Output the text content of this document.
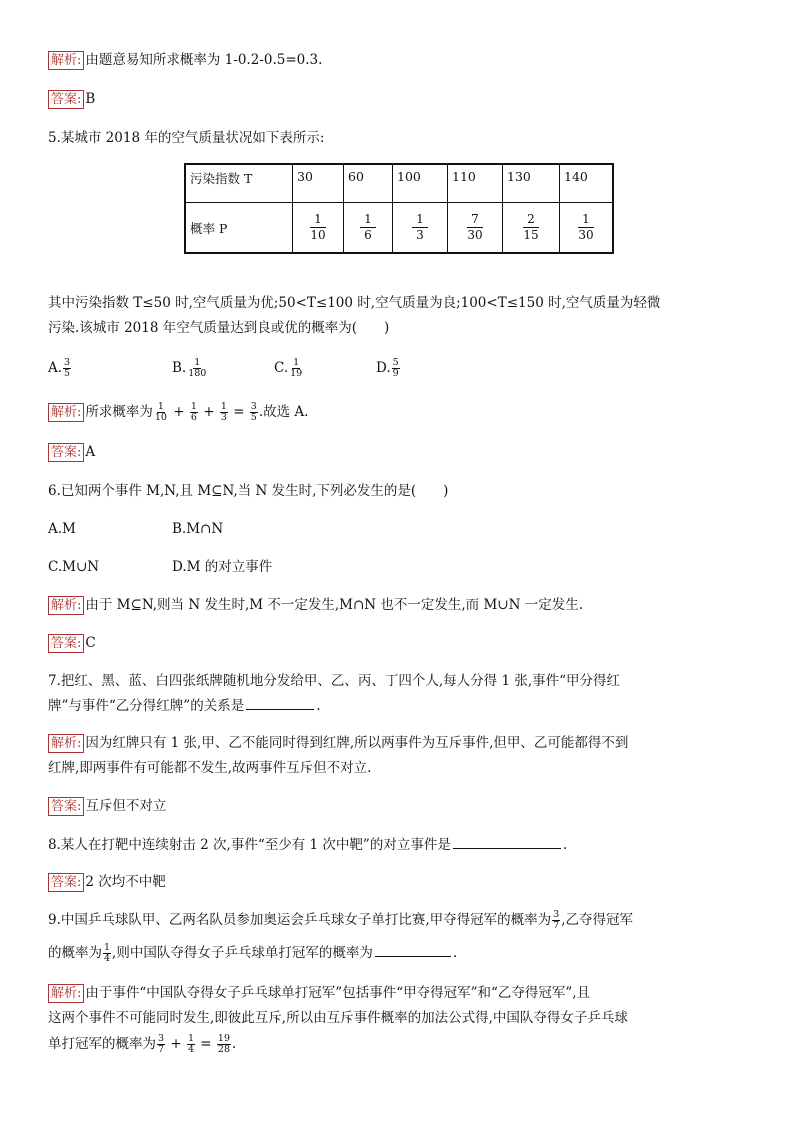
解析: 由题意易知所求概率为 1-0.2-0.5=0.3.
答案: B
5.某城市 2018 年的空气质量状况如下表所示:
污染指数 T	30	60	100	110	130	140
概率 P	$\frac{1}{10}$	$\frac{1}{6}$	$\frac{1}{3}$	$\frac{7}{30}$	$\frac{2}{15}$	$\frac{1}{30}$
其中污染指数 T≤50 时,空气质量为优;50<T≤100 时,空气质量为良;100<T≤150 时,空气质量为轻微
污染.该城市 2018 年空气质量达到良或优的概率为(　　)
A. $\frac{3}{5}$	B. $\frac{1}{180}$	C. $\frac{1}{19}$	D. $\frac{5}{9}$
解析: 所求概率为 $\frac{1}{10} + \frac{1}{6} + \frac{1}{3} = \frac{3}{5}$ .故选 A.
答案: A
6.已知两个事件 M,N,且 M⊆N,当 N 发生时,下列必发生的是(　　)
A.M	B.M∩N
C.M∪N	D.M 的对立事件
解析: 由于 M⊆N,则当 N 发生时,M 不一定发生,M∩N 也不一定发生,而 M∪N 一定发生.
答案: C
7.把红、黑、蓝、白四张纸牌随机地分发给甲、乙、丙、丁四个人,每人分得 1 张,事件“甲分得红
牌”与事件“乙分得红牌”的关系是	.
解析: 因为红牌只有 1 张,甲、乙不能同时得到红牌,所以两事件为互斥事件,但甲、乙可能都得不到
红牌,即两事件有可能都不发生,故两事件互斥但不对立.
答案: 互斥但不对立
8.某人在打靶中连续射击 2 次,事件“至少有 1 次中靶”的对立事件是	.
答案: 2 次均不中靶
9.中国乒乓球队甲、乙两名队员参加奥运会乒乓球女子单打比赛,甲夺得冠军的概率为 $\frac{3}{7}$ ,乙夺得冠军
的概率为 $\frac{1}{4}$ ,则中国队夺得女子乒乓球单打冠军的概率为	.
解析: 由于事件“中国队夺得女子乒乓球单打冠军”包括事件“甲夺得冠军”和“乙夺得冠军”,且
这两个事件不可能同时发生,即彼此互斥,所以由互斥事件概率的加法公式得,中国队夺得女子乒乓球
单打冠军的概率为 $\frac{3}{7} + \frac{1}{4} = \frac{19}{28}$ .
